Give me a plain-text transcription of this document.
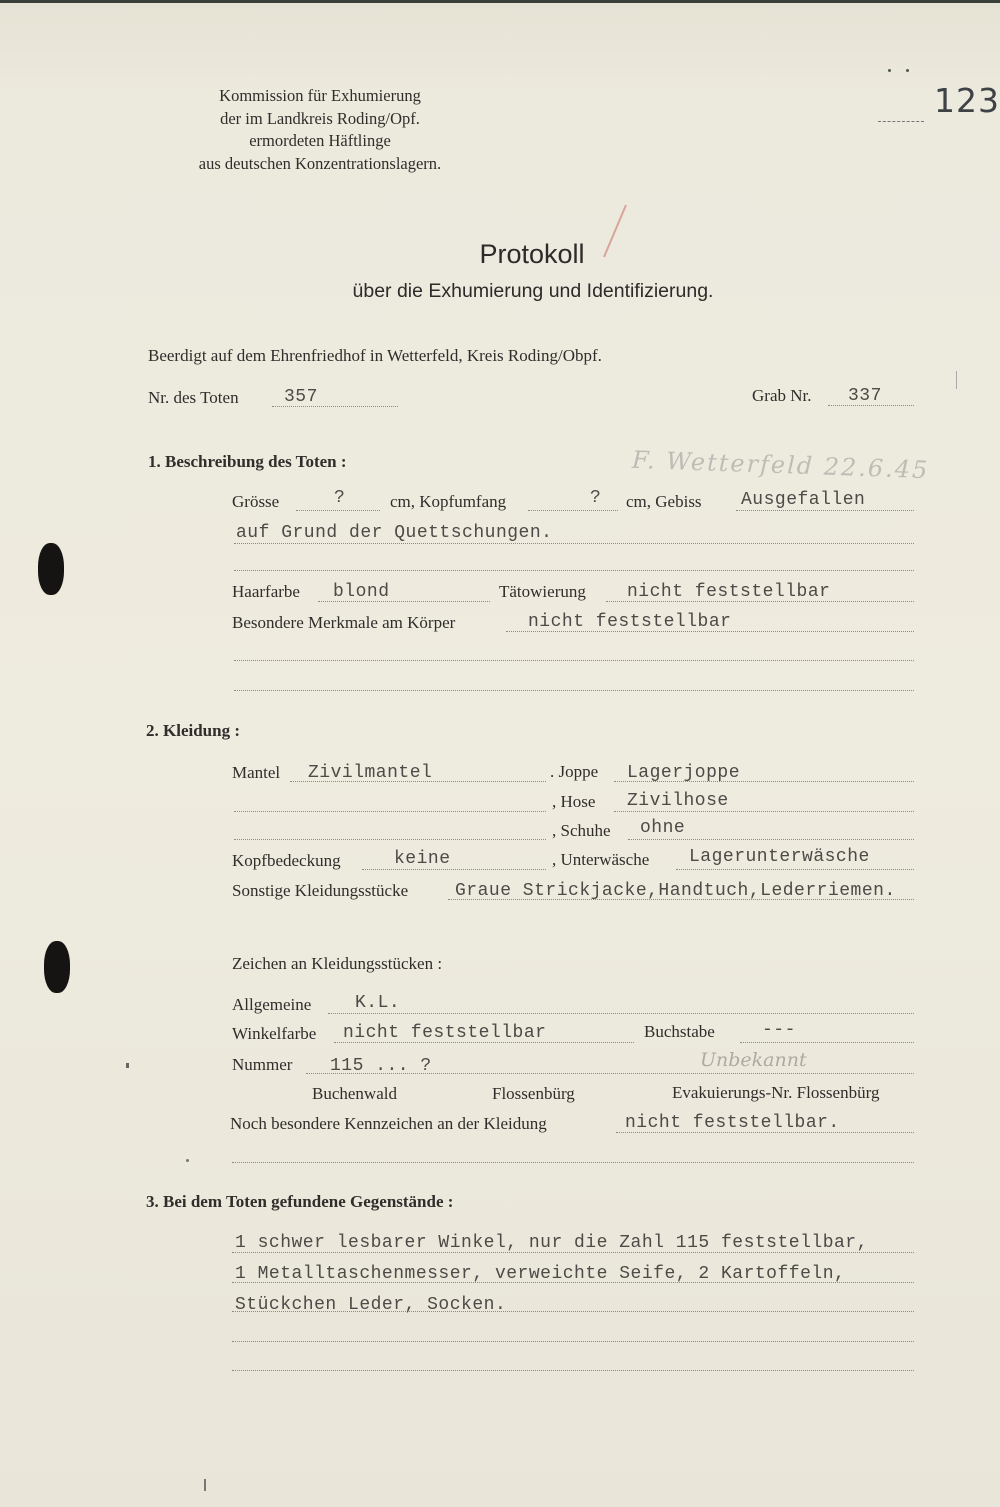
Kommission für Exhumierung
der im Landkreis Roding/Opf.
ermordeten Häftlinge
aus deutschen Konzentrationslagern.
123
Protokoll
über die Exhumierung und Identifizierung.
Beerdigt auf dem Ehrenfriedhof in Wetterfeld, Kreis Roding/Obpf.
Nr. des Toten	357	Grab Nr. 337
1. Beschreibung des Toten :	F. Wetterfeld 22.6.45
Grösse	?	cm, Kopfumfang	? cm, Gebiss Ausgefallen
auf Grund der Quettschungen.
Haarfarbe blond	Tätowierung nicht feststellbar
Besondere Merkmale am Körper	nicht feststellbar
2. Kleidung :
Mantel Zivilmantel	. Joppe Lagerjoppe
, Hose Zivilhose
, Schuhe ohne
Kopfbedeckung	keine	, Unterwäsche Lagerunterwäsche
Sonstige Kleidungsstücke	Graue Strickjacke,Handtuch,Lederriemen.
Zeichen an Kleidungsstücken :
Allgemeine K.L.
Winkelfarbe nicht feststellbar	Buchstabe	---
Nummer 115 ... ?	Unbekannt
Buchenwald	Flossenbürg	Evakuierungs-Nr. Flossenbürg
Noch besondere Kennzeichen an der Kleidung	nicht feststellbar.
3. Bei dem Toten gefundene Gegenstände :
1 schwer lesbarer Winkel, nur die Zahl 115 feststellbar,
1 Metalltaschenmesser, verweichte Seife, 2 Kartoffeln,
Stückchen Leder, Socken.
